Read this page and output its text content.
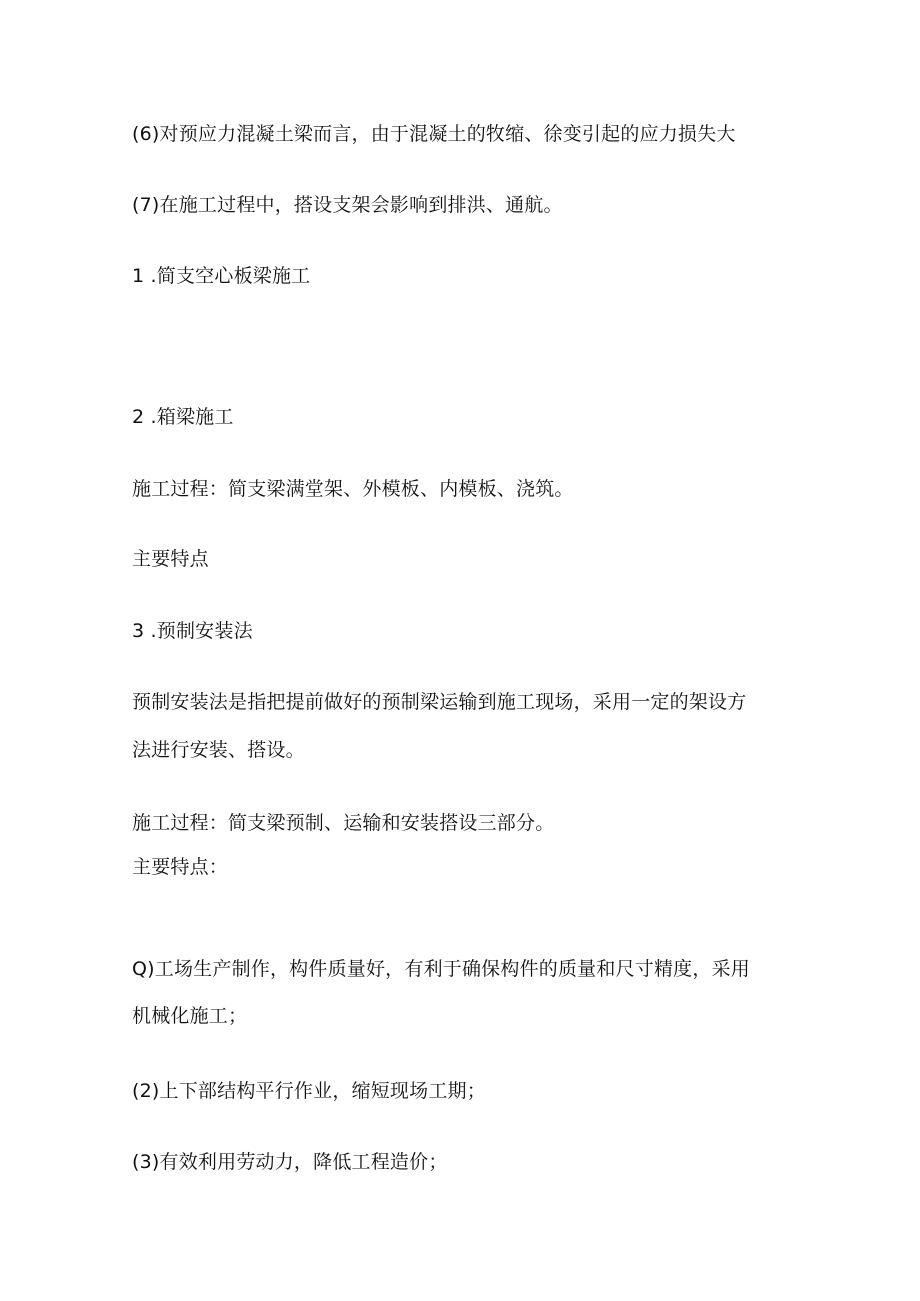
(6)对预应力混凝土梁而言，由于混凝土的牧缩、徐变引起的应力损失大
(7)在施工过程中，搭设支架会影响到排洪、通航。
1 .简支空心板梁施工
2 .箱梁施工
施工过程：简支梁满堂架、外模板、内模板、浇筑。
主要特点
3 .预制安装法
预制安装法是指把提前做好的预制梁运输到施工现场，采用一定的架设方
法进行安装、搭设。
施工过程：简支梁预制、运输和安装搭设三部分。
主要特点：
Q)工场生产制作，构件质量好，有利于确保构件的质量和尺寸精度，采用
机械化施工；
(2)上下部结构平行作业，缩短现场工期；
(3)有效利用劳动力，降低工程造价；
